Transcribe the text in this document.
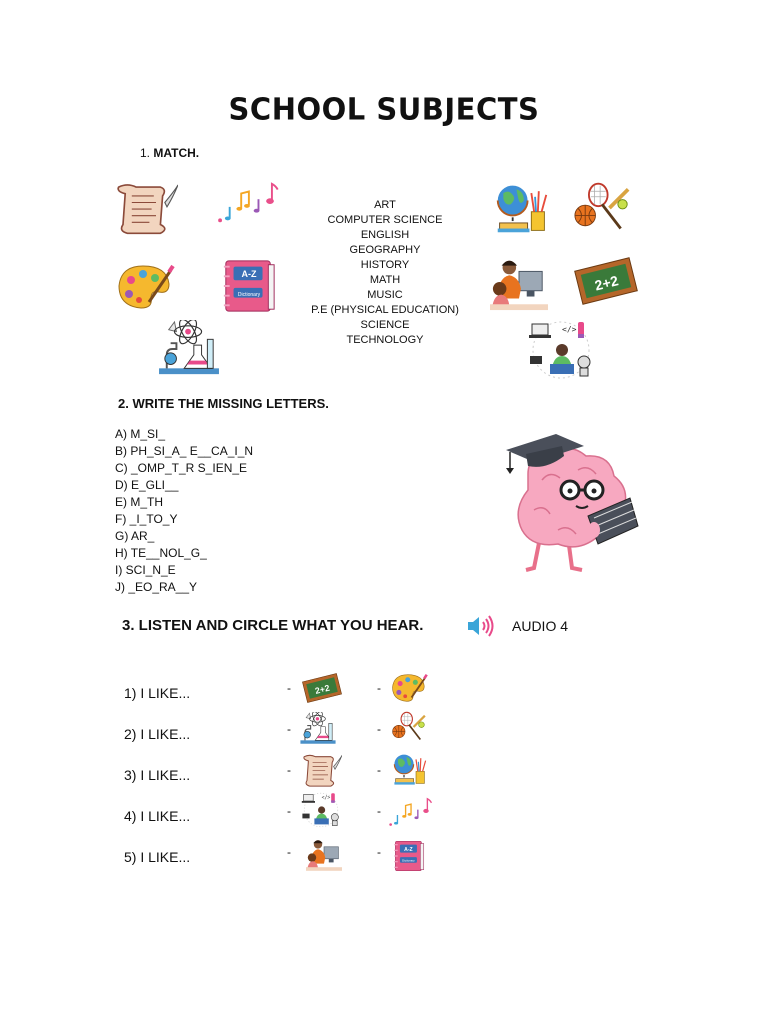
SCHOOL SUBJECTS
1. MATCH.
ART
COMPUTER SCIENCE
ENGLISH
GEOGRAPHY
HISTORY
MATH
MUSIC
P.E (PHYSICAL EDUCATION)
SCIENCE
TECHNOLOGY
A-Z
Dictionary
2+2
2. WRITE THE MISSING LETTERS.
A) M_SI_
B) PH_SI_A_ E__CA_I_N
C) _OMP_T_R S_IEN_E
D) E_GLI__
E) M_TH
F) _I_TO_Y
G) AR_
H) TE__NOL_G_
I) SCI_N_E
J) _EO_RA__Y
3. LISTEN AND CIRCLE WHAT YOU HEAR.	AUDIO 4
1) I LIKE...
2) I LIKE...
3) I LIKE...
4) I LIKE...
5) I LIKE...
-	-
-	-
-	-
-	-
-	-
2+2
A-Z
Dictionary
